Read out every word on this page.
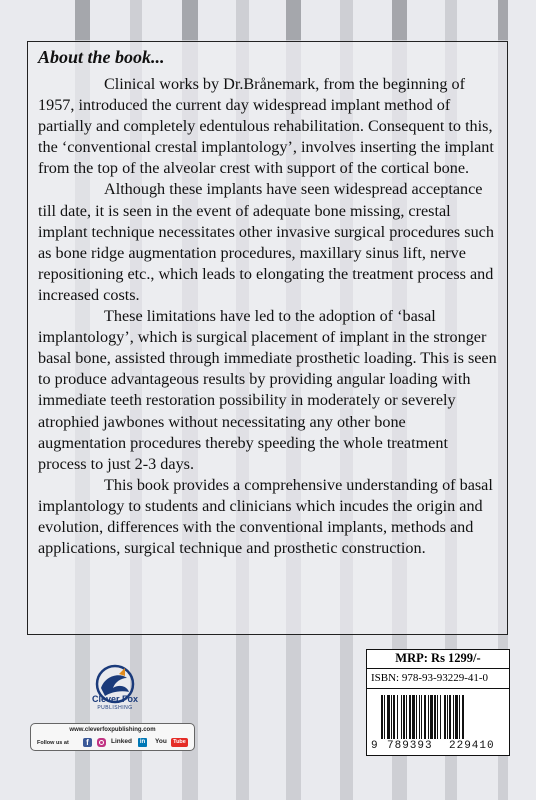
About the book...

Clinical works by Dr.Brånemark, from the beginning of 1957, introduced the current day widespread implant method of partially and completely edentulous rehabilitation. Consequent to this, the ‘conventional crestal implantology’, involves inserting the implant from the top of the alveolar crest with support of the cortical bone.

Although these implants have seen widespread acceptance till date, it is seen in the event of adequate bone missing, crestal implant technique necessitates other invasive surgical procedures such as bone ridge augmentation procedures, maxillary sinus lift, nerve repositioning etc., which leads to elongating the treatment process and increased costs.

These limitations have led to the adoption of ‘basal implantology’, which is surgical placement of implant in the stronger basal bone, assisted through immediate prosthetic loading. This is seen to produce advantageous results by providing angular loading with immediate teeth restoration possibility in moderately or severely atrophied jawbones without necessitating any other bone augmentation procedures thereby speeding the whole treatment process to just 2-3 days.

This book provides a comprehensive understanding of basal implantology to students and clinicians which incudes the origin and evolution, differences with the conventional implants, methods and applications, surgical technique and prosthetic construction.

Clever Fox
PUBLISHING
www.cleverfoxpublishing.com
Follow us at	f	Linked	in You	Tube
MRP: Rs 1299/-
ISBN: 978-93-93229-41-0
9 789393 229410
